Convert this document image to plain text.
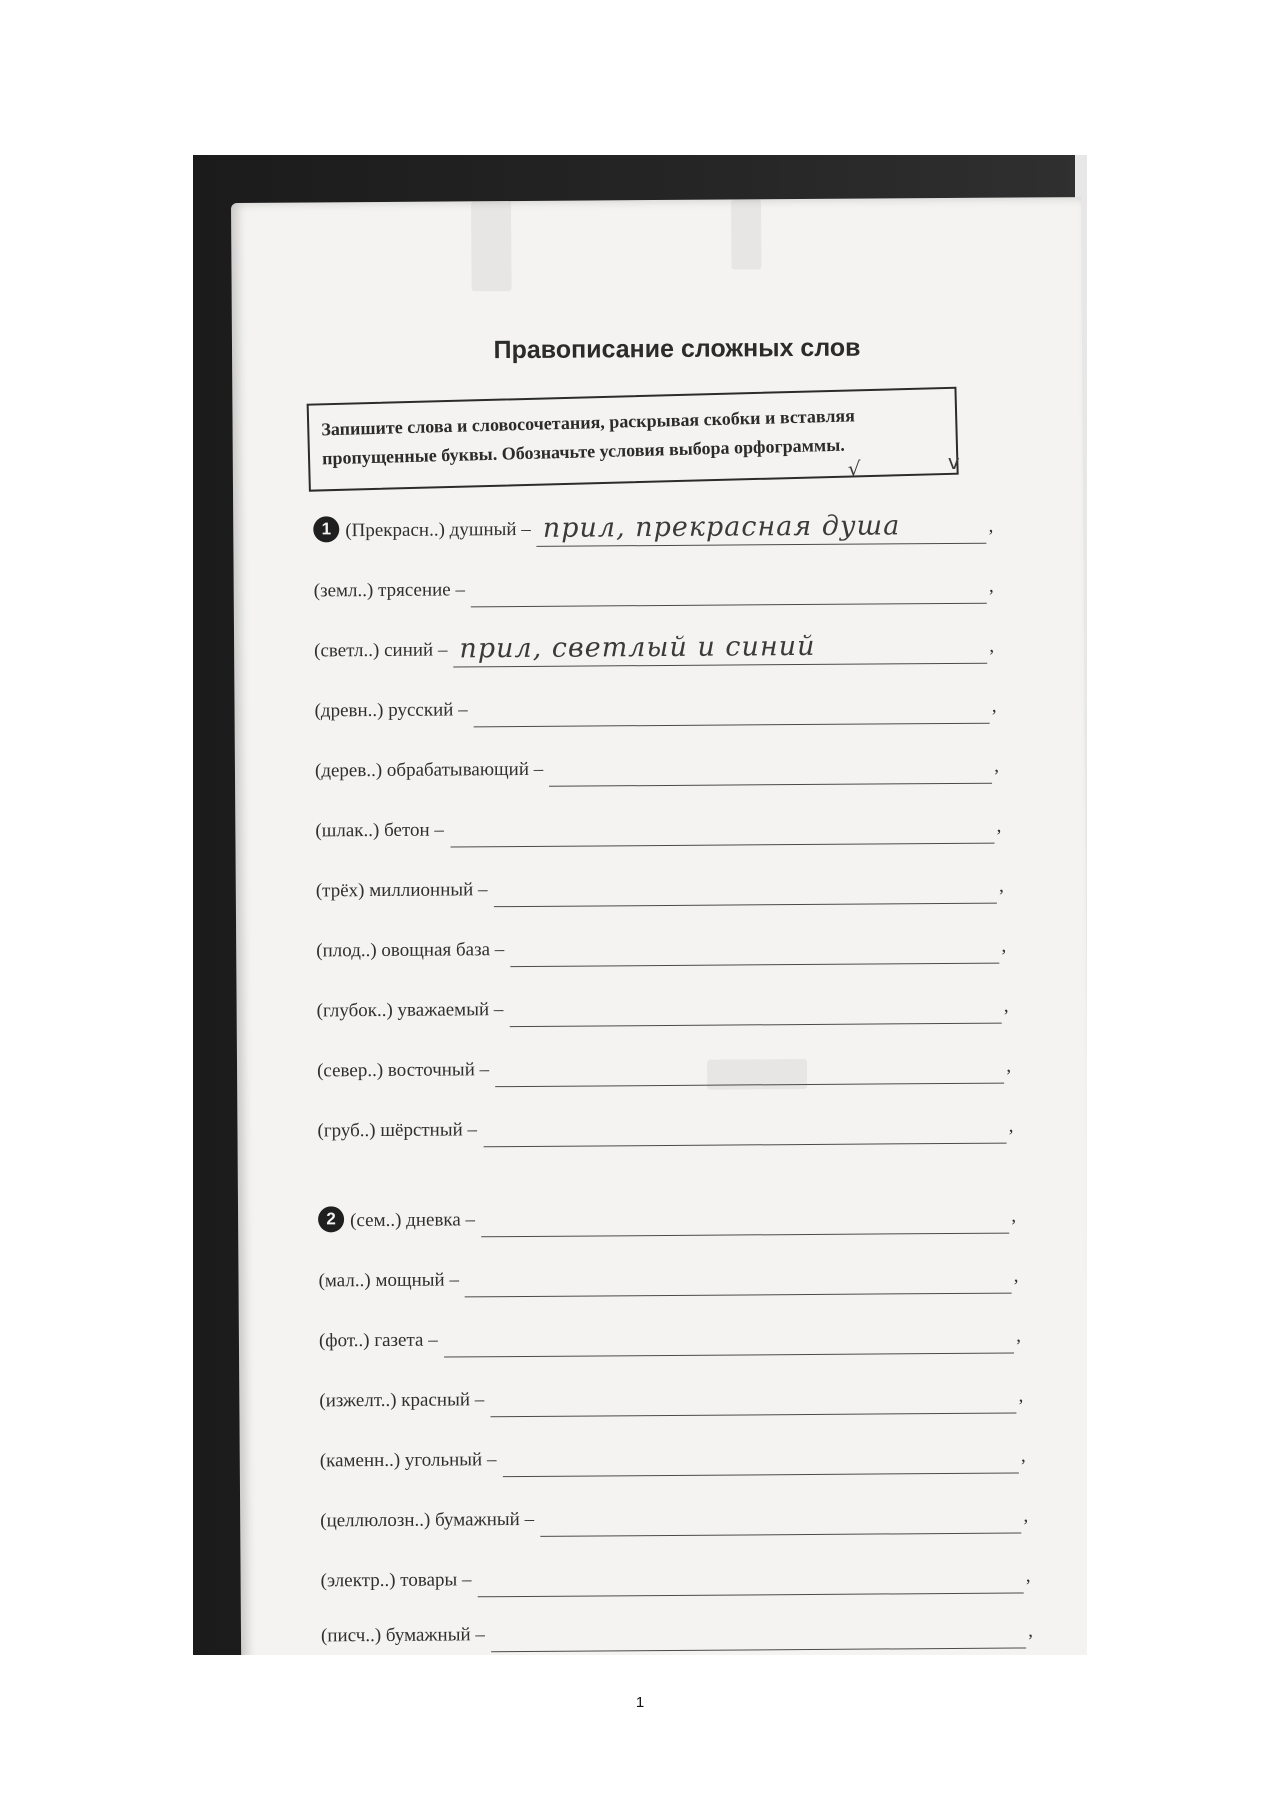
Правописание сложных слов
Запишите слова и словосочетания, раскрывая скобки и вставляя пропущенные буквы. Обозначьте условия выбора орфограммы.
√	v
1 (Прекрасн..) душный – прил, прекрасная душа	,
(земл..) трясение –	,
(светл..) синий – прил, светлый и синий	,
(древн..) русский –	,
(дерев..) обрабатывающий –	,
(шлак..) бетон –	,
(трёх) миллионный –	,
(плод..) овощная база –	,
(глубок..) уважаемый –	,
(север..) восточный –	,
(груб..) шёрстный –	,
2 (сем..) дневка –	,
(мал..) мощный –	,
(фот..) газета –	,
(изжелт..) красный –	,
(каменн..) угольный –	,
(целлюлозн..) бумажный –	,
(электр..) товары –	,
(писч..) бумажный –	,
1
